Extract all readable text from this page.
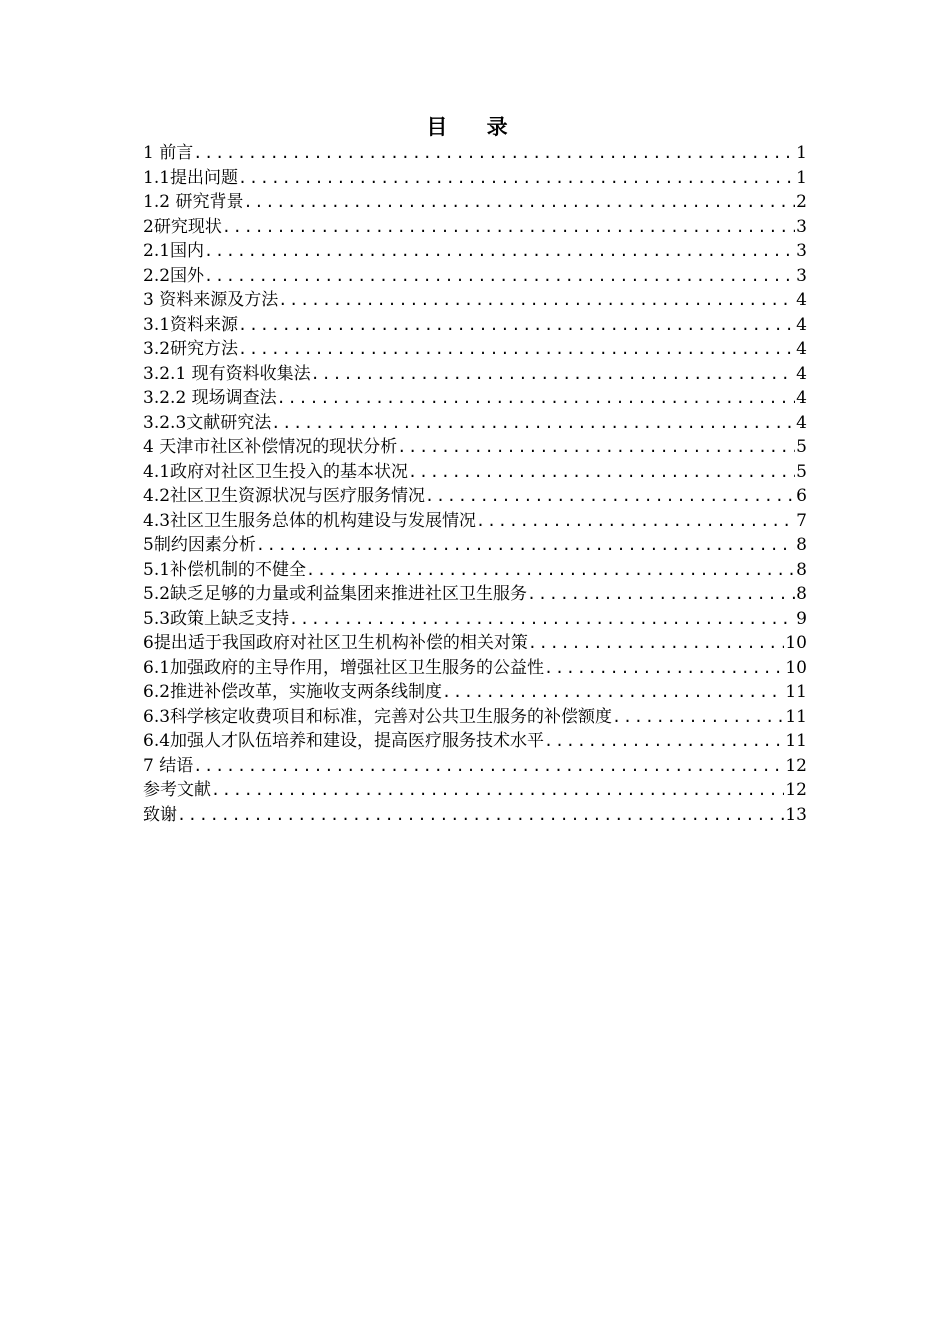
目 录
1 前言 .....	1
1.1提出问题 .....	1
1.2 研究背景 .....	2
2研究现状 .....	3
2.1国内 .....	3
2.2国外 .....	3
3 资料来源及方法 .....	4
3.1资料来源 .....	4
3.2研究方法 .....	4
3.2.1 现有资料收集法 .....	4
3.2.2 现场调查法 .....	4
3.2.3文献研究法 .....	4
4 天津市社区补偿情况的现状分析 .....	5
4.1政府对社区卫生投入的基本状况 .....	5
4.2社区卫生资源状况与医疗服务情况 .....	6
4.3社区卫生服务总体的机构建设与发展情况 .....	7
5制约因素分析 .....	8
5.1补偿机制的不健全 .....	8
5.2缺乏足够的力量或利益集团来推进社区卫生服务 .....	8
5.3政策上缺乏支持 .....	9
6提出适于我国政府对社区卫生机构补偿的相关对策 .....	10
6.1加强政府的主导作用，增强社区卫生服务的公益性 .....	10
6.2推进补偿改革，实施收支两条线制度 .....	11
6.3科学核定收费项目和标准，完善对公共卫生服务的补偿额度 .....	11
6.4加强人才队伍培养和建设，提高医疗服务技术水平 .....	11
7 结语 .....	12
参考文献 .....	12
致谢 .....	13
